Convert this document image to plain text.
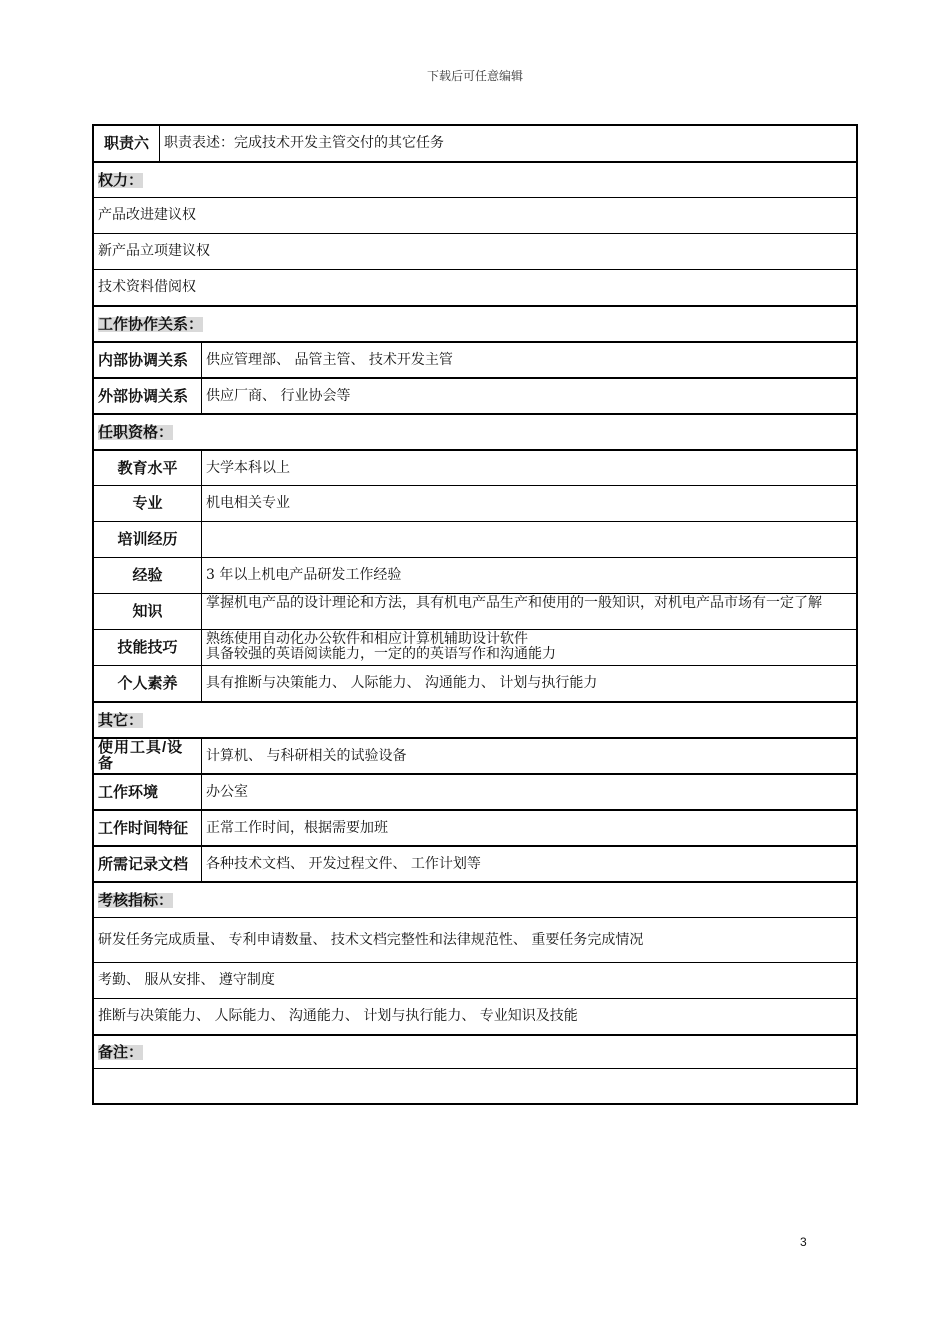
下载后可任意编辑
职责六	职责表述：完成技术开发主管交付的其它任务
权力：
产品改进建议权
新产品立项建议权
技术资料借阅权
工作协作关系：
内部协调关系	供应管理部、 品管主管、 技术开发主管
外部协调关系	供应厂商、 行业协会等
任职资格：
教育水平	大学本科以上
专业	机电相关专业
培训经历
经验	3 年以上机电产品研发工作经验
知识	掌握机电产品的设计理论和方法，具有机电产品生产和使用的一般知识，对机电产品市场有一定了解
技能技巧	熟练使用自动化办公软件和相应计算机辅助设计软件
具备较强的英语阅读能力，一定的的英语写作和沟通能力
个人素养	具有推断与决策能力、 人际能力、 沟通能力、 计划与执行能力
其它：
使用工具/设备	计算机、 与科研相关的试验设备
工作环境	办公室
工作时间特征	正常工作时间，根据需要加班
所需记录文档	各种技术文档、 开发过程文件、 工作计划等
考核指标：
研发任务完成质量、 专利申请数量、 技术文档完整性和法律规范性、 重要任务完成情况
考勤、 服从安排、 遵守制度
推断与决策能力、 人际能力、 沟通能力、 计划与执行能力、 专业知识及技能
备注：
3
